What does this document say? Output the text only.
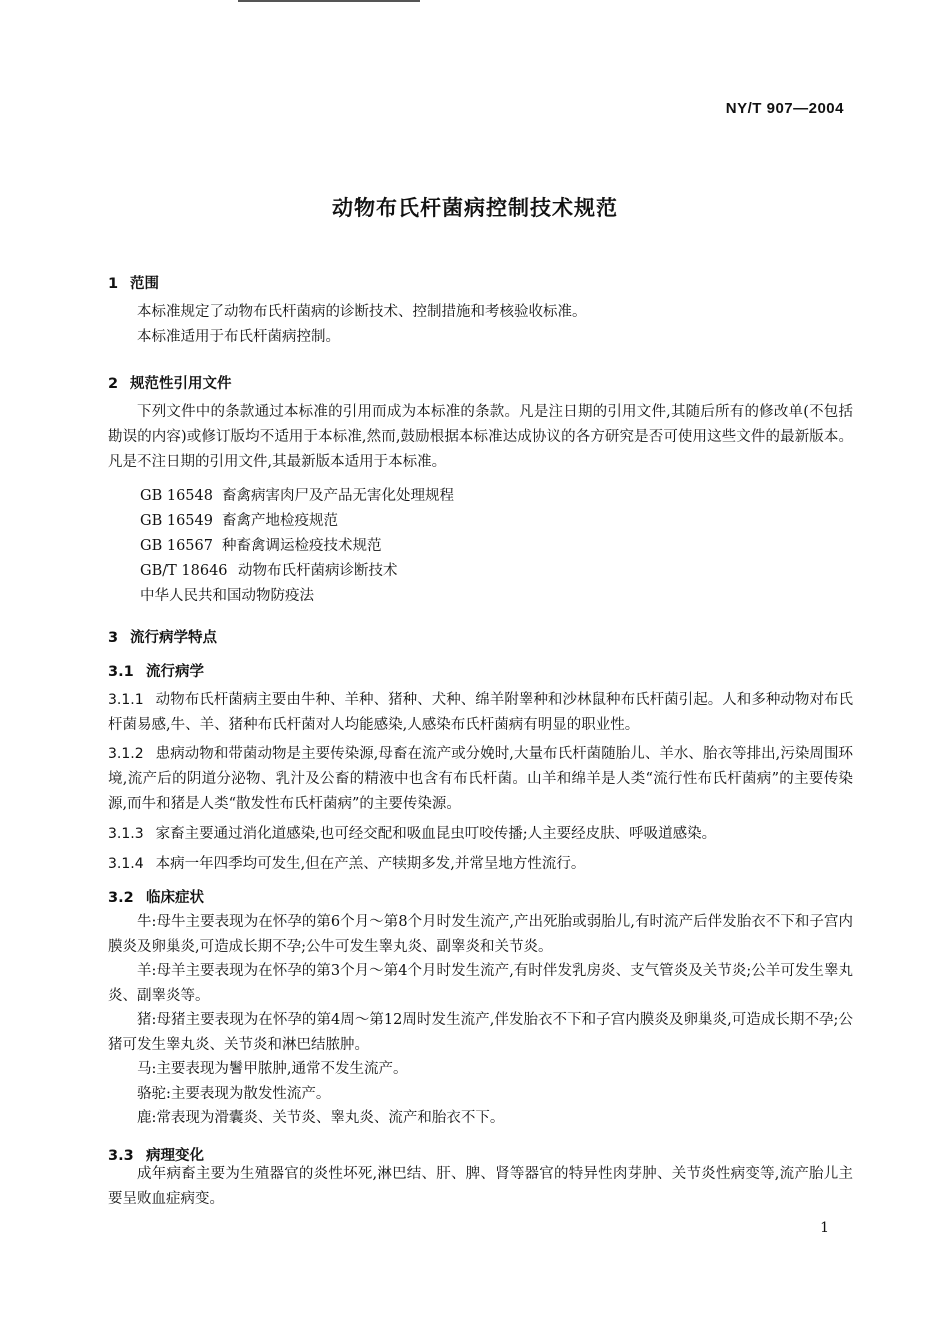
NY/T 907—2004
动物布氏杆菌病控制技术规范
1 范围

本标准规定了动物布氏杆菌病的诊断技术、控制措施和考核验收标准。

本标准适用于布氏杆菌病控制。

2 规范性引用文件

下列文件中的条款通过本标准的引用而成为本标准的条款。凡是注日期的引用文件,其随后所有的修改单(不包括勘误的内容)或修订版均不适用于本标准,然而,鼓励根据本标准达成协议的各方研究是否可使用这些文件的最新版本。凡是不注日期的引用文件,其最新版本适用于本标准。

GB 16548 畜禽病害肉尸及产品无害化处理规程
GB 16549 畜禽产地检疫规范
GB 16567 种畜禽调运检疫技术规范
GB/T 18646 动物布氏杆菌病诊断技术
中华人民共和国动物防疫法
3 流行病学特点
3.1 流行病学

3.1.1 动物布氏杆菌病主要由牛种、羊种、猪种、犬种、绵羊附睾种和沙林鼠种布氏杆菌引起。人和多种动物对布氏杆菌易感,牛、羊、猪种布氏杆菌对人均能感染,人感染布氏杆菌病有明显的职业性。

3.1.2 患病动物和带菌动物是主要传染源,母畜在流产或分娩时,大量布氏杆菌随胎儿、羊水、胎衣等排出,污染周围环境,流产后的阴道分泌物、乳汁及公畜的精液中也含有布氏杆菌。山羊和绵羊是人类“流行性布氏杆菌病”的主要传染源,而牛和猪是人类“散发性布氏杆菌病”的主要传染源。

3.1.3 家畜主要通过消化道感染,也可经交配和吸血昆虫叮咬传播;人主要经皮肤、呼吸道感染。

3.1.4 本病一年四季均可发生,但在产羔、产犊期多发,并常呈地方性流行。

3.2 临床症状

牛:母牛主要表现为在怀孕的第6个月～第8个月时发生流产,产出死胎或弱胎儿,有时流产后伴发胎衣不下和子宫内膜炎及卵巢炎,可造成长期不孕;公牛可发生睾丸炎、副睾炎和关节炎。

羊:母羊主要表现为在怀孕的第3个月～第4个月时发生流产,有时伴发乳房炎、支气管炎及关节炎;公羊可发生睾丸炎、副睾炎等。

猪:母猪主要表现为在怀孕的第4周～第12周时发生流产,伴发胎衣不下和子宫内膜炎及卵巢炎,可造成长期不孕;公猪可发生睾丸炎、关节炎和淋巴结脓肿。

马:主要表现为鬐甲脓肿,通常不发生流产。

骆驼:主要表现为散发性流产。

鹿:常表现为滑囊炎、关节炎、睾丸炎、流产和胎衣不下。

3.3 病理变化

成年病畜主要为生殖器官的炎性坏死,淋巴结、肝、脾、肾等器官的特异性肉芽肿、关节炎性病变等,流产胎儿主要呈败血症病变。

1
